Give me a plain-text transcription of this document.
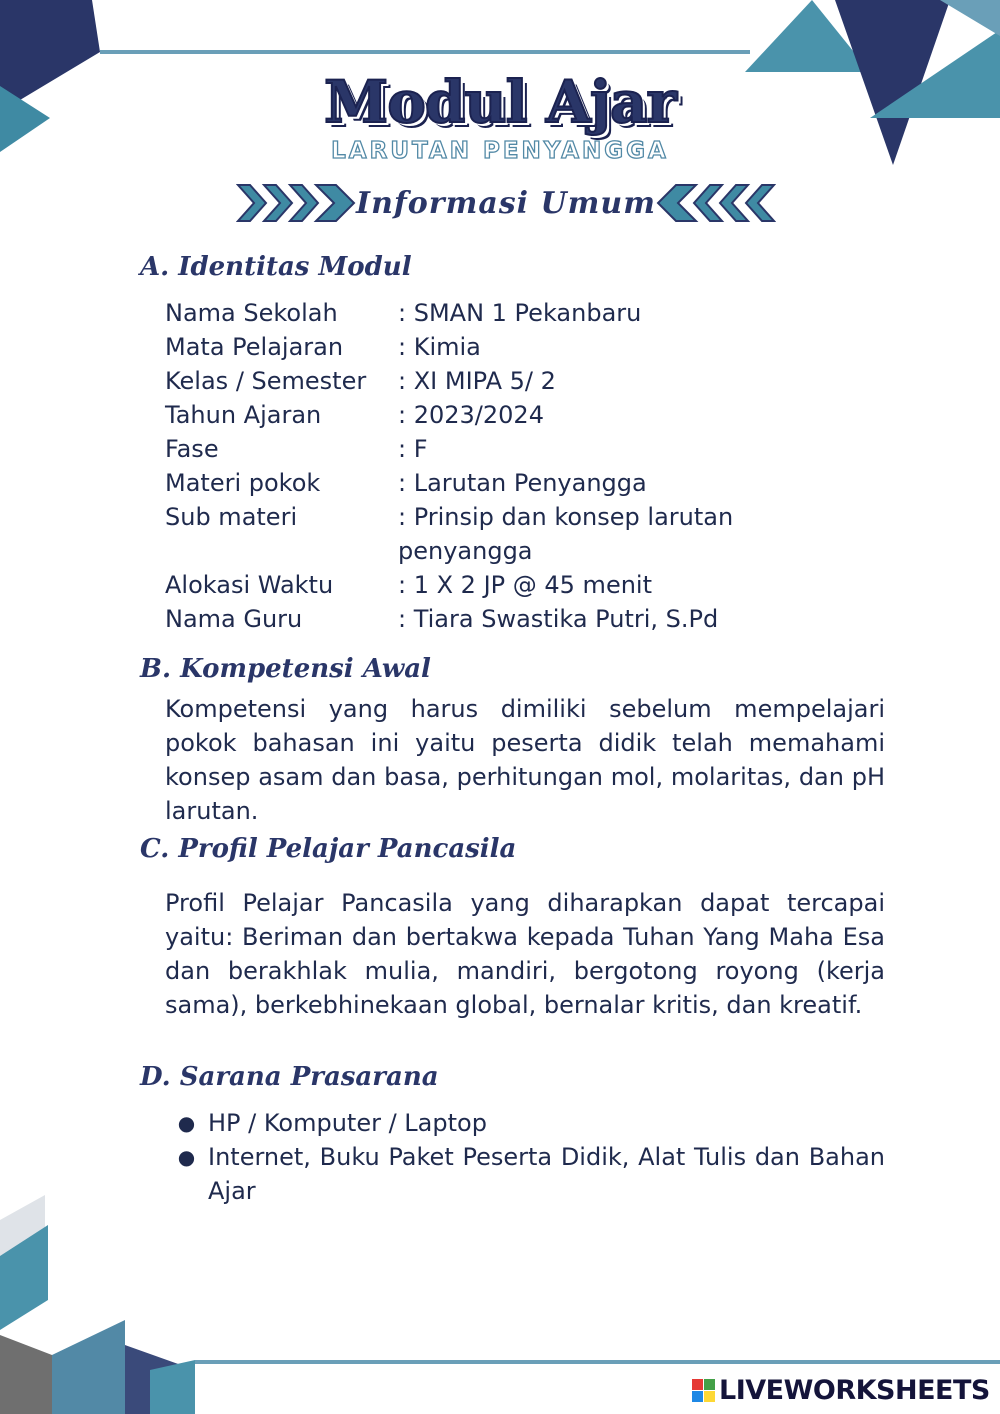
Modul Ajar
LARUTAN PENYANGGA
Informasi Umum
A. Identitas Modul
Nama Sekolah	: SMAN 1 Pekanbaru
Mata Pelajaran	: Kimia
Kelas / Semester	: XI MIPA 5/ 2
Tahun Ajaran	: 2023/2024
Fase	: F
Materi pokok	: Larutan Penyangga
Sub materi	: Prinsip dan konsep larutan penyangga
Alokasi Waktu	: 1 X 2 JP @ 45 menit
Nama Guru	: Tiara Swastika Putri, S.Pd
B. Kompetensi Awal
Kompetensi yang harus dimiliki sebelum mempelajari pokok bahasan ini yaitu peserta didik telah memahami konsep asam dan basa, perhitungan mol, molaritas, dan pH larutan.
C. Profil Pelajar Pancasila
Profil Pelajar Pancasila yang diharapkan dapat tercapai yaitu: Beriman dan bertakwa kepada Tuhan Yang Maha Esa dan berakhlak mulia, mandiri, bergotong royong (kerja sama), berkebhinekaan global, bernalar kritis, dan kreatif.
D. Sarana Prasarana
● HP / Komputer / Laptop
● Internet, Buku Paket Peserta Didik, Alat Tulis dan Bahan Ajar
LIVEWORKSHEETS
